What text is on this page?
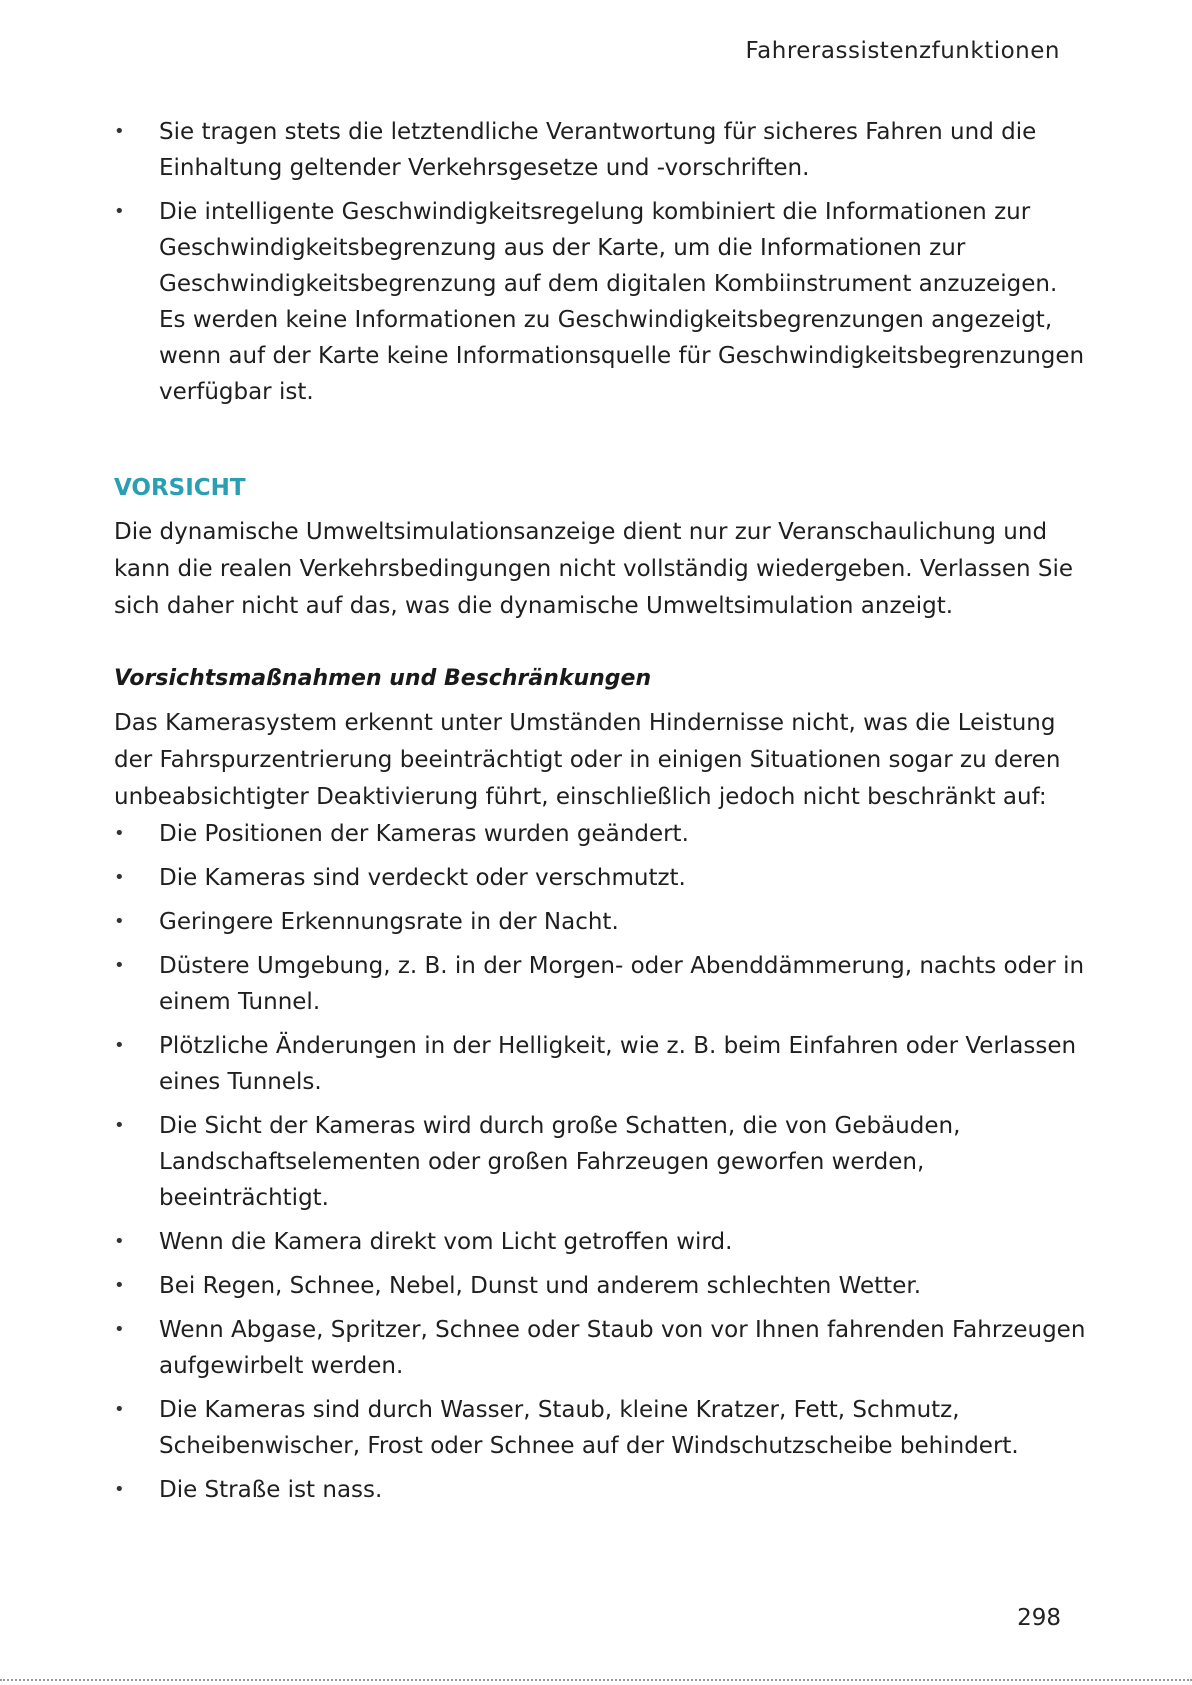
Fahrerassistenzfunktionen
• Sie tragen stets die letztendliche Verantwortung für sicheres Fahren und die Einhaltung geltender Verkehrsgesetze und -vorschriften.
• Die intelligente Geschwindigkeitsregelung kombiniert die Informationen zur Geschwindigkeitsbegrenzung aus der Karte, um die Informationen zur Geschwindigkeitsbegrenzung auf dem digitalen Kombiinstrument anzuzeigen. Es werden keine Informationen zu Geschwindigkeitsbegrenzungen angezeigt, wenn auf der Karte keine Informationsquelle für Geschwindigkeitsbegrenzungen verfügbar ist.
VORSICHT
Die dynamische Umweltsimulationsanzeige dient nur zur Veranschaulichung und kann die realen Verkehrsbedingungen nicht vollständig wiedergeben. Verlassen Sie sich daher nicht auf das, was die dynamische Umweltsimulation anzeigt.
Vorsichtsmaßnahmen und Beschränkungen
Das Kamerasystem erkennt unter Umständen Hindernisse nicht, was die Leistung der Fahrspurzentrierung beeinträchtigt oder in einigen Situationen sogar zu deren unbeabsichtigter Deaktivierung führt, einschließlich jedoch nicht beschränkt auf:
• Die Positionen der Kameras wurden geändert.
• Die Kameras sind verdeckt oder verschmutzt.
• Geringere Erkennungsrate in der Nacht.
• Düstere Umgebung, z. B. in der Morgen- oder Abenddämmerung, nachts oder in einem Tunnel.
• Plötzliche Änderungen in der Helligkeit, wie z. B. beim Einfahren oder Verlassen eines Tunnels.
• Die Sicht der Kameras wird durch große Schatten, die von Gebäuden, Landschaftselementen oder großen Fahrzeugen geworfen werden, beeinträchtigt.
• Wenn die Kamera direkt vom Licht getroffen wird.
• Bei Regen, Schnee, Nebel, Dunst und anderem schlechten Wetter.
• Wenn Abgase, Spritzer, Schnee oder Staub von vor Ihnen fahrenden Fahrzeugen aufgewirbelt werden.
• Die Kameras sind durch Wasser, Staub, kleine Kratzer, Fett, Schmutz, Scheibenwischer, Frost oder Schnee auf der Windschutzscheibe behindert.
• Die Straße ist nass.
298
